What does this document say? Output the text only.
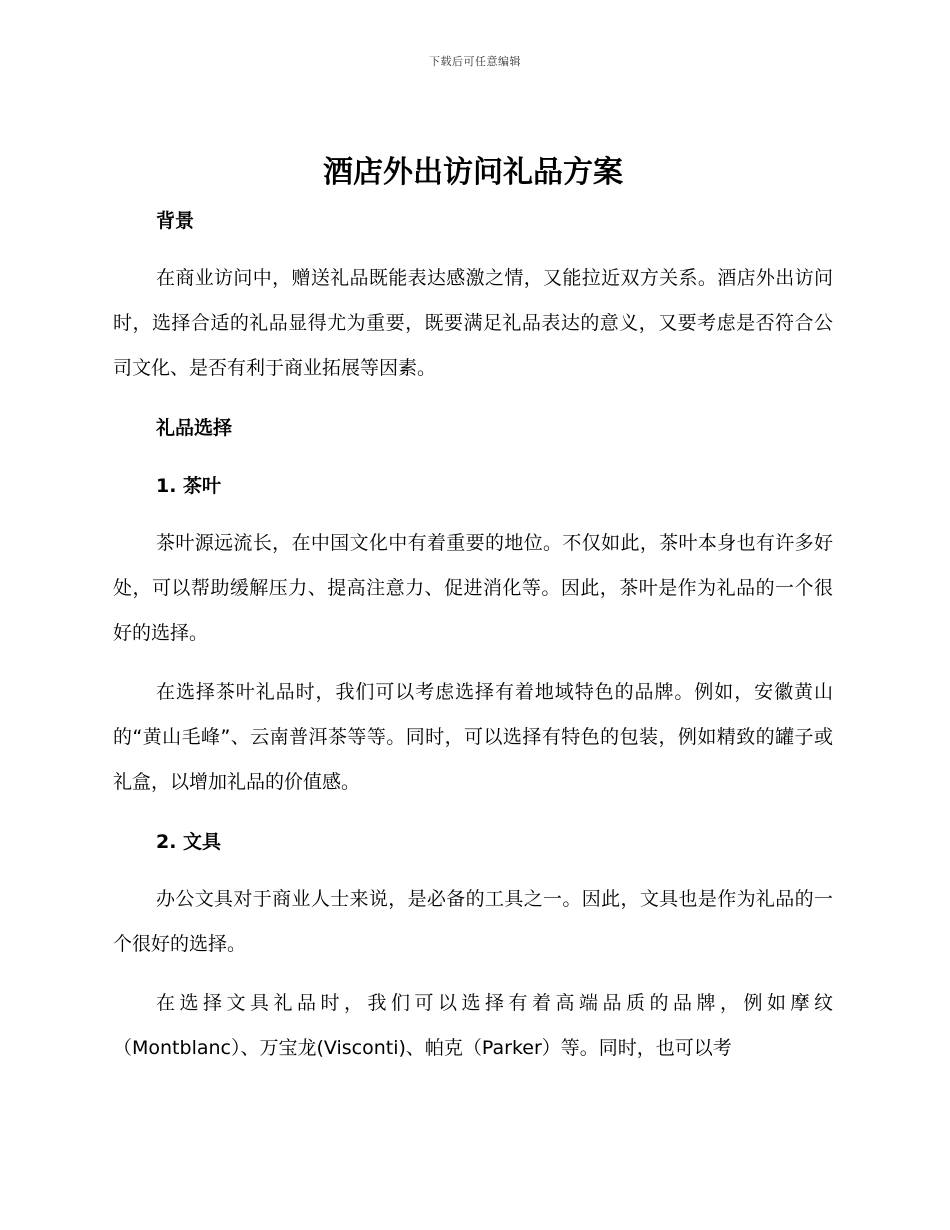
下载后可任意编辑
酒店外出访问礼品方案
背景

在商业访问中，赠送礼品既能表达感激之情，又能拉近双方关系。酒店外出访问时，选择合适的礼品显得尤为重要，既要满足礼品表达的意义，又要考虑是否符合公司文化、是否有利于商业拓展等因素。

礼品选择
1. 茶叶

茶叶源远流长，在中国文化中有着重要的地位。不仅如此，茶叶本身也有许多好处，可以帮助缓解压力、提高注意力、促进消化等。因此，茶叶是作为礼品的一个很好的选择。

在选择茶叶礼品时，我们可以考虑选择有着地域特色的品牌。例如，安徽黄山的“黄山毛峰”、云南普洱茶等等。同时，可以选择有特色的包装，例如精致的罐子或礼盒，以增加礼品的价值感。

2. 文具

办公文具对于商业人士来说，是必备的工具之一。因此，文具也是作为礼品的一个很好的选择。

在选择文具礼品时，我们可以选择有着高端品质的品牌，例如摩纹（Montblanc）、万宝龙(Visconti)、帕克（Parker）等。同时，也可以考
